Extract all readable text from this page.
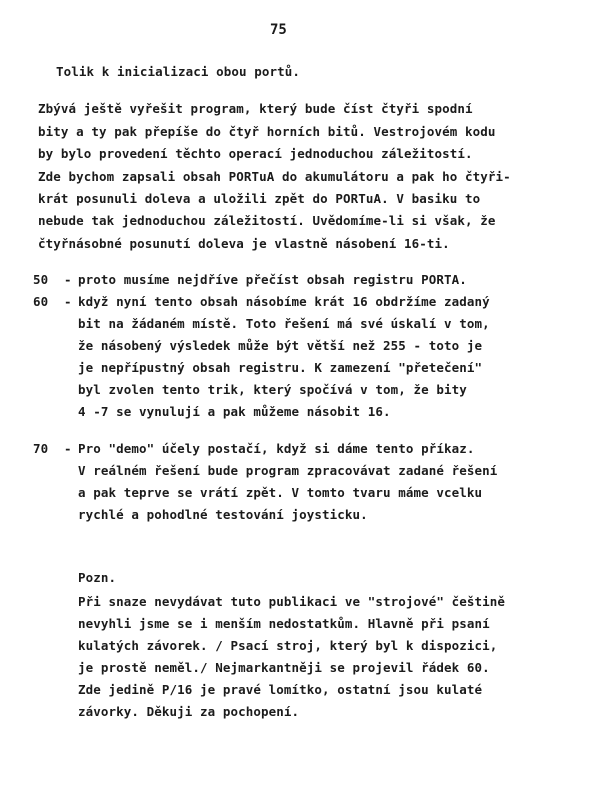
75
Tolik k inicializaci obou portů.
Zbývá ještě vyřešit program, který bude číst čtyři spodní
bity a ty pak přepíše do čtyř horních bitů. Vestrojovém kodu
by bylo provedení těchto operací jednoduchou záležitostí.
Zde bychom zapsali obsah PORTuA do akumulátoru a pak ho čtyři-
krát posunuli doleva a uložili zpět do PORTuA. V basiku to
nebude tak jednoduchou záležitostí. Uvědomíme-li si však, že
čtyřnásobné posunutí doleva je vlastně násobení 16-ti.
50 - proto musíme nejdříve přečíst obsah registru PORTA.
60 - když nyní tento obsah násobíme krát 16 obdržíme zadaný
bit na žádaném místě. Toto řešení má své úskalí v tom,
že násobený výsledek může být větší než 255 - toto je
je nepřípustný obsah registru. K zamezení "přetečení"
byl zvolen tento trik, který spočívá v tom, že bity
4 -7 se vynulují a pak můžeme násobit 16.
70 - Pro "demo" účely postačí, když si dáme tento příkaz.
V reálném řešení bude program zpracovávat zadané řešení
a pak teprve se vrátí zpět. V tomto tvaru máme vcelku
rychlé a pohodlné testování joysticku.
Pozn.
Při snaze nevydávat tuto publikaci ve "strojové" češtině
nevyhli jsme se i menším nedostatkům. Hlavně při psaní
kulatých závorek. / Psací stroj, který byl k dispozici,
je prostě neměl./ Nejmarkantněji se projevil řádek 60.
Zde jedině P/16 je pravé lomítko, ostatní jsou kulaté
závorky. Děkuji za pochopení.
